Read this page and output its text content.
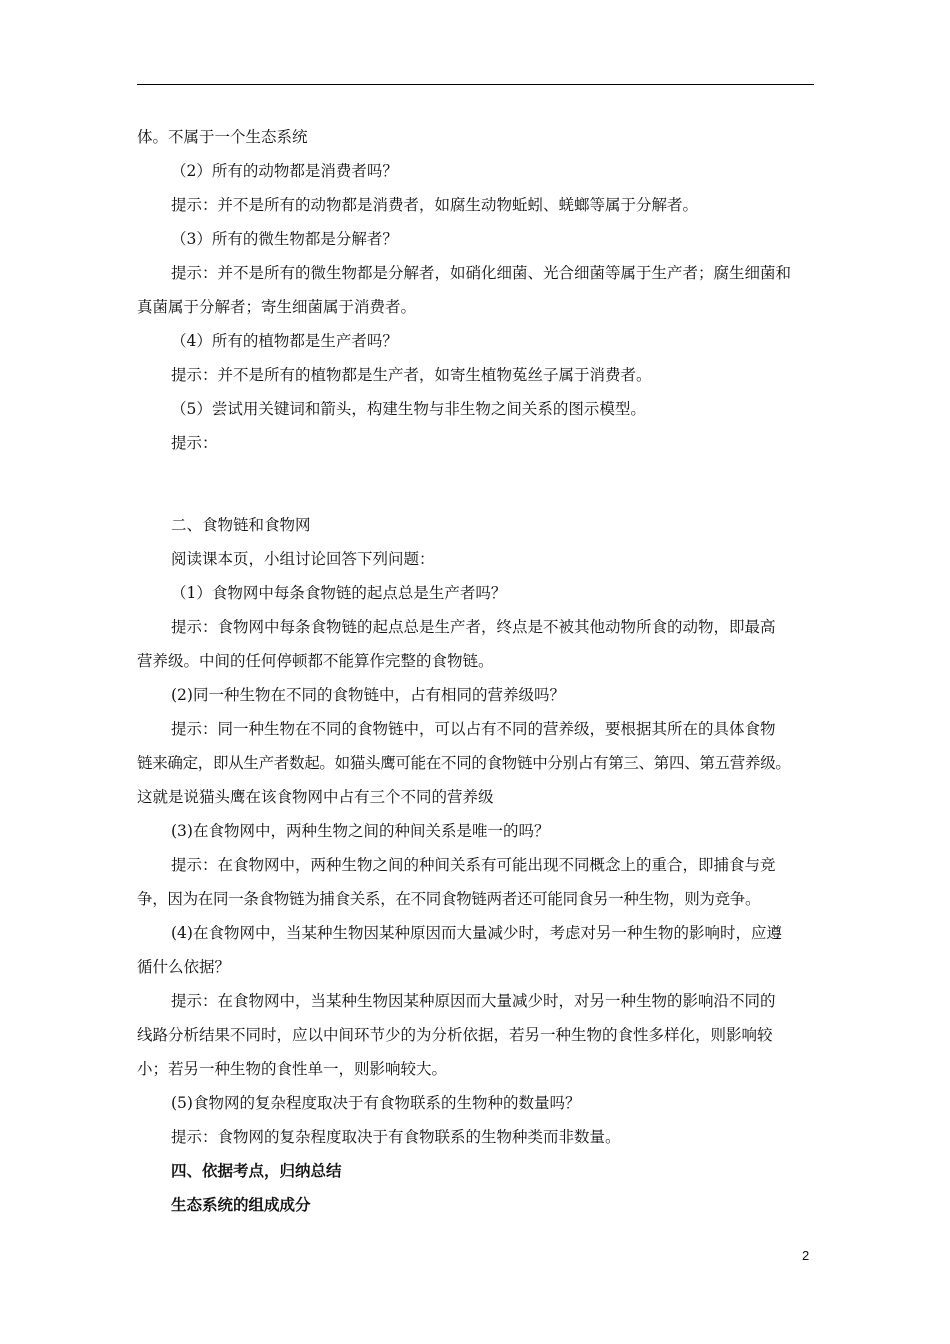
体。不属于一个生态系统
（2）所有的动物都是消费者吗？
提示：并不是所有的动物都是消费者，如腐生动物蚯蚓、蜣螂等属于分解者。
（3）所有的微生物都是分解者？
提示：并不是所有的微生物都是分解者，如硝化细菌、光合细菌等属于生产者；腐生细菌和
真菌属于分解者；寄生细菌属于消费者。
（4）所有的植物都是生产者吗？
提示：并不是所有的植物都是生产者，如寄生植物菟丝子属于消费者。
（5）尝试用关键词和箭头，构建生物与非生物之间关系的图示模型。
提示：
二、食物链和食物网
阅读课本页，小组讨论回答下列问题：
（1）食物网中每条食物链的起点总是生产者吗？
提示：食物网中每条食物链的起点总是生产者，终点是不被其他动物所食的动物，即最高
营养级。中间的任何停顿都不能算作完整的食物链。
(2)同一种生物在不同的食物链中，占有相同的营养级吗？
提示：同一种生物在不同的食物链中，可以占有不同的营养级，要根据其所在的具体食物
链来确定，即从生产者数起。如猫头鹰可能在不同的食物链中分别占有第三、第四、第五营养级。
这就是说猫头鹰在该食物网中占有三个不同的营养级
(3)在食物网中，两种生物之间的种间关系是唯一的吗？
提示：在食物网中，两种生物之间的种间关系有可能出现不同概念上的重合，即捕食与竞
争，因为在同一条食物链为捕食关系，在不同食物链两者还可能同食另一种生物，则为竞争。
(4)在食物网中，当某种生物因某种原因而大量减少时，考虑对另一种生物的影响时，应遵
循什么依据？
提示：在食物网中，当某种生物因某种原因而大量减少时，对另一种生物的影响沿不同的
线路分析结果不同时，应以中间环节少的为分析依据，若另一种生物的食性多样化，则影响较
小；若另一种生物的食性单一，则影响较大。
(5)食物网的复杂程度取决于有食物联系的生物种的数量吗？
提示：食物网的复杂程度取决于有食物联系的生物种类而非数量。
四、依据考点，归纳总结
生态系统的组成成分
2
